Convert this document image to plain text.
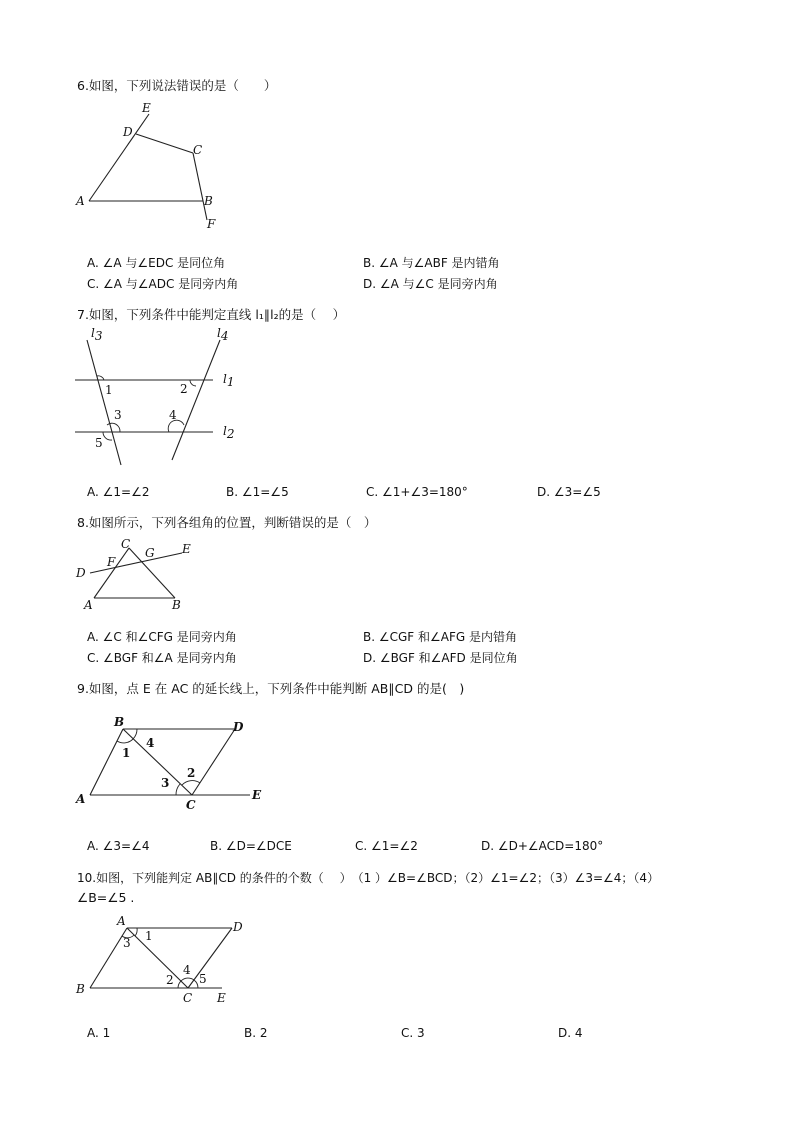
6.如图，下列说法错误的是（　　）
E
D
C
A	B
F
A. ∠A 与∠EDC 是同位角	B. ∠A 与∠ABF 是内错角
C. ∠A 与∠ADC 是同旁内角	D. ∠A 与∠C 是同旁内角
7.如图，下列条件中能判定直线 l₁∥l₂的是（　 ）
l3	l4
l1
l2
1	2
3	4
5
A. ∠1=∠2	B. ∠1=∠5	C. ∠1+∠3=180°	D. ∠3=∠5
8.如图所示，下列各组角的位置，判断错误的是（　）
C
G E
F
D
A	B
A. ∠C 和∠CFG 是同旁内角	B. ∠CGF 和∠AFG 是内错角
C. ∠BGF 和∠A 是同旁内角	D. ∠BGF 和∠AFD 是同位角
9.如图，点 E 在 AC 的延长线上，下列条件中能判断 AB∥CD 的是(　)
B	D
A	C
E
4
1
3
2
A. ∠3=∠4	B. ∠D=∠DCE	C. ∠1=∠2	D. ∠D+∠ACD=180°
10.如图，下列能判定 AB∥CD 的条件的个数（　 ）　（1 ）∠B=∠BCD；（2）∠1=∠2；（3）∠3=∠4；（4）
∠B=∠5 .
A	D
B
C E
3 1
2
4
5
A. 1	B. 2	C. 3	D. 4
